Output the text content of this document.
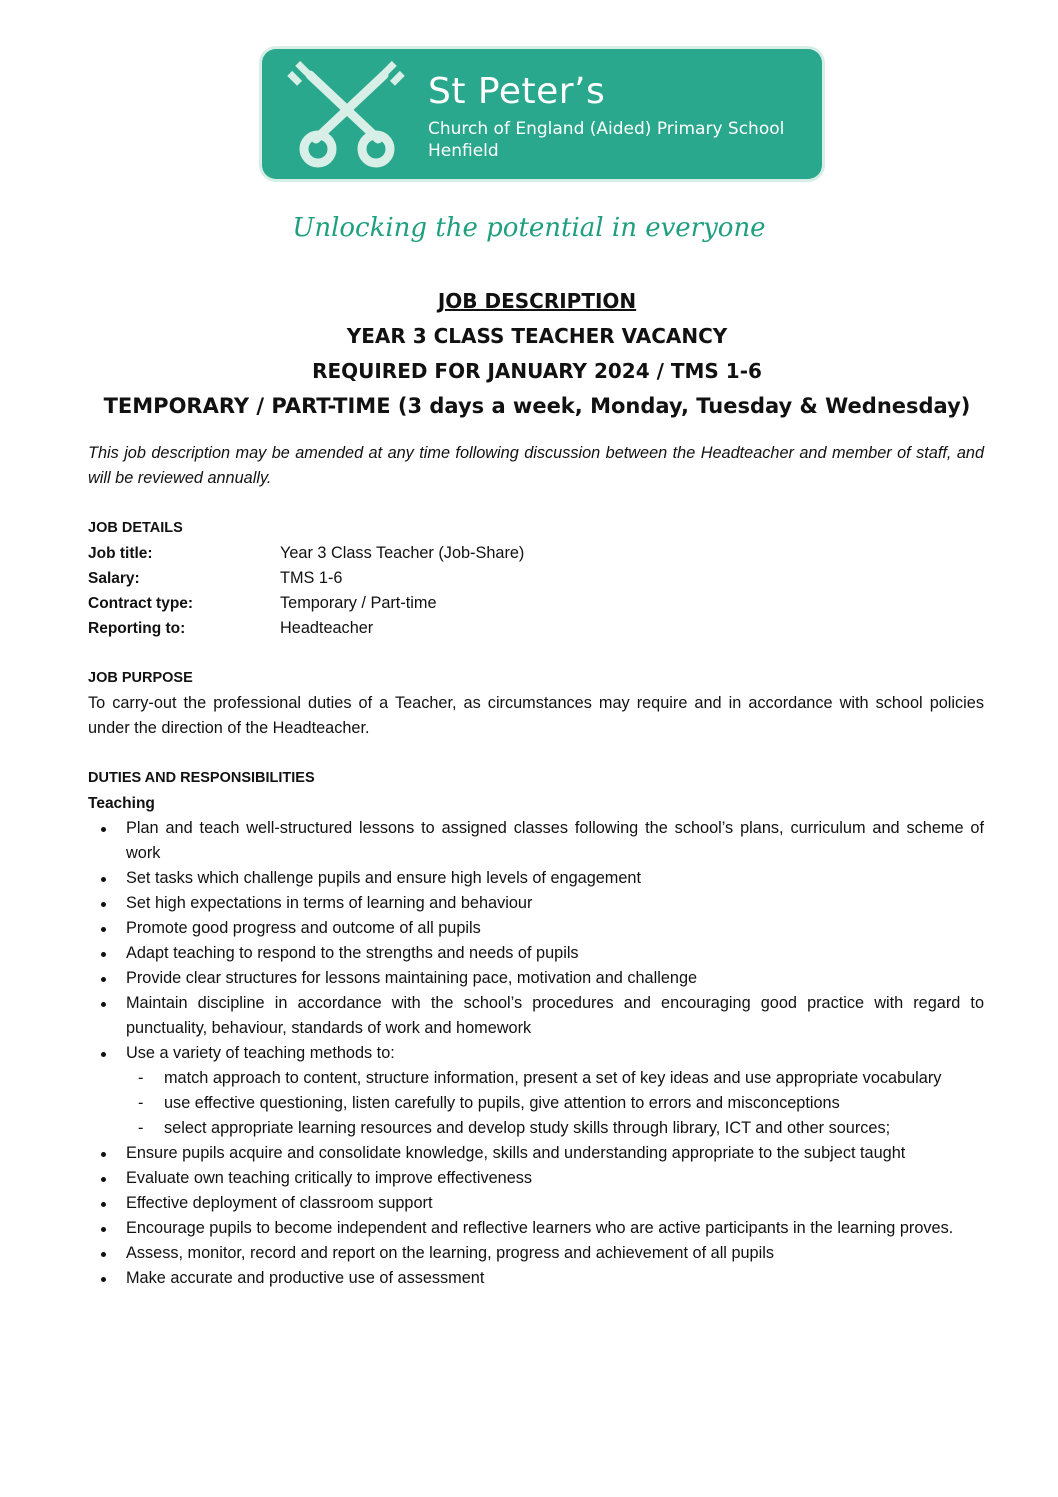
St Peter’s
Church of England (Aided) Primary School
Henfield
Unlocking the potential in everyone
JOB DESCRIPTION
YEAR 3 CLASS TEACHER VACANCY
REQUIRED FOR JANUARY 2024 / TMS 1-6
TEMPORARY / PART-TIME (3 days a week, Monday, Tuesday & Wednesday)

This job description may be amended at any time following discussion between the Headteacher and member of staff, and will be reviewed annually.

JOB DETAILS

Job title:	Year 3 Class Teacher (Job-Share)
Salary:	TMS 1-6
Contract type:	Temporary / Part-time
Reporting to:	Headteacher

JOB PURPOSE

To carry-out the professional duties of a Teacher, as circumstances may require and in accordance with school policies under the direction of the Headteacher.

DUTIES AND RESPONSIBILITIES

Teaching

Plan and teach well-structured lessons to assigned classes following the school’s plans, curriculum and scheme of work
Set tasks which challenge pupils and ensure high levels of engagement
Set high expectations in terms of learning and behaviour
Promote good progress and outcome of all pupils
Adapt teaching to respond to the strengths and needs of pupils
Provide clear structures for lessons maintaining pace, motivation and challenge
Maintain discipline in accordance with the school’s procedures and encouraging good practice with regard to punctuality, behaviour, standards of work and homework
Use a variety of teaching methods to:
- match approach to content, structure information, present a set of key ideas and use appropriate vocabulary
- use effective questioning, listen carefully to pupils, give attention to errors and misconceptions
- select appropriate learning resources and develop study skills through library, ICT and other sources;
Ensure pupils acquire and consolidate knowledge, skills and understanding appropriate to the subject taught
Evaluate own teaching critically to improve effectiveness
Effective deployment of classroom support
Encourage pupils to become independent and reflective learners who are active participants in the learning proves.
Assess, monitor, record and report on the learning, progress and achievement of all pupils
Make accurate and productive use of assessment
